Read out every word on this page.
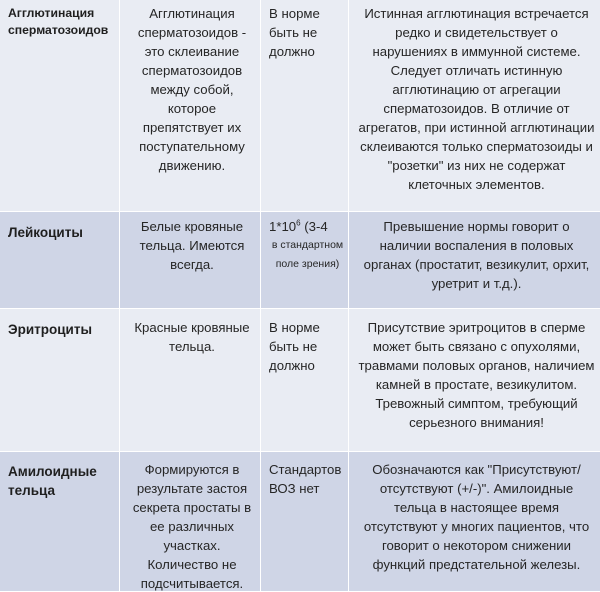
Агглютинация сперматозоидов
Агглютинация сперматозоидов - это склеивание сперматозоидов между собой, которое препятствует их поступательному движению.
В норме быть не должно
Истинная агглютинация встречается редко и свидетельствует о нарушениях в иммунной системе. Следует отличать истинную агглютинацию от агрегации сперматозоидов. В отличие от агрегатов, при истинной агглютинации склеиваются только сперматозоиды и "розетки" из них не содержат клеточных элементов.
Лейкоциты	Белые кровяные тельца. Имеются всегда.
$1*10^6$ (3-4
в стандартном поле зрения)
Превышение нормы говорит о наличии воспаления в половых органах (простатит, везикулит, орхит, уретрит и т.д.).
Эритроциты	Красные кровяные тельца.
В норме быть не должно
Присутствие эритроцитов в сперме может быть связано с опухолями, травмами половых органов, наличием камней в простате, везикулитом. Тревожный симптом, требующий серьезного внимания!
Амилоидные тельца
Формируются в результате застоя секрета простаты в ее различных участках. Количество не подсчитывается.
Стандартов ВОЗ нет
Обозначаются как "Присутствуют/отсутствуют (+/-)". Амилоидные тельца в настоящее время отсутствуют у многих пациентов, что говорит о некотором снижении функций предстательной железы.
